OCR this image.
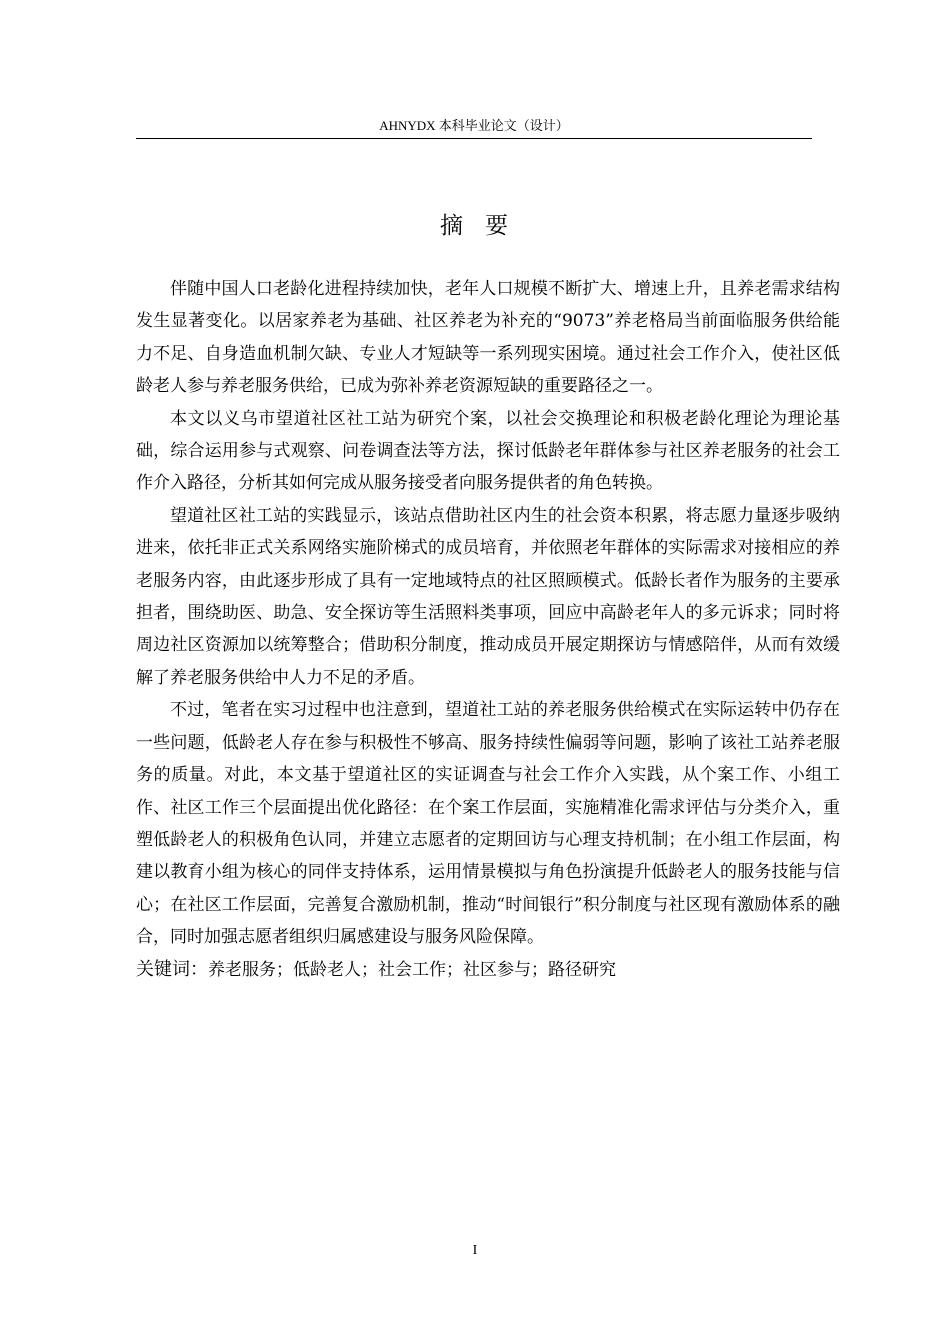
AHNYDX 本科毕业论文（设计）
摘要

伴随中国人口老龄化进程持续加快，老年人口规模不断扩大、增速上升，且养老需求结构发生显著变化。以居家养老为基础、社区养老为补充的“9073”养老格局当前面临服务供给能力不足、自身造血机制欠缺、专业人才短缺等一系列现实困境。通过社会工作介入，使社区低龄老人参与养老服务供给，已成为弥补养老资源短缺的重要路径之一。

本文以义乌市望道社区社工站为研究个案，以社会交换理论和积极老龄化理论为理论基础，综合运用参与式观察、问卷调查法等方法，探讨低龄老年群体参与社区养老服务的社会工作介入路径，分析其如何完成从服务接受者向服务提供者的角色转换。

望道社区社工站的实践显示，该站点借助社区内生的社会资本积累，将志愿力量逐步吸纳进来，依托非正式关系网络实施阶梯式的成员培育，并依照老年群体的实际需求对接相应的养老服务内容，由此逐步形成了具有一定地域特点的社区照顾模式。低龄长者作为服务的主要承担者，围绕助医、助急、安全探访等生活照料类事项，回应中高龄老年人的多元诉求；同时将周边社区资源加以统筹整合；借助积分制度，推动成员开展定期探访与情感陪伴，从而有效缓解了养老服务供给中人力不足的矛盾。

不过，笔者在实习过程中也注意到，望道社工站的养老服务供给模式在实际运转中仍存在一些问题，低龄老人存在参与积极性不够高、服务持续性偏弱等问题，影响了该社工站养老服务的质量。对此，本文基于望道社区的实证调查与社会工作介入实践，从个案工作、小组工作、社区工作三个层面提出优化路径：在个案工作层面，实施精准化需求评估与分类介入，重塑低龄老人的积极角色认同，并建立志愿者的定期回访与心理支持机制；在小组工作层面，构建以教育小组为核心的同伴支持体系，运用情景模拟与角色扮演提升低龄老人的服务技能与信心；在社区工作层面，完善复合激励机制，推动“时间银行”积分制度与社区现有激励体系的融合，同时加强志愿者组织归属感建设与服务风险保障。

关键词：养老服务；低龄老人；社会工作；社区参与；路径研究

I
